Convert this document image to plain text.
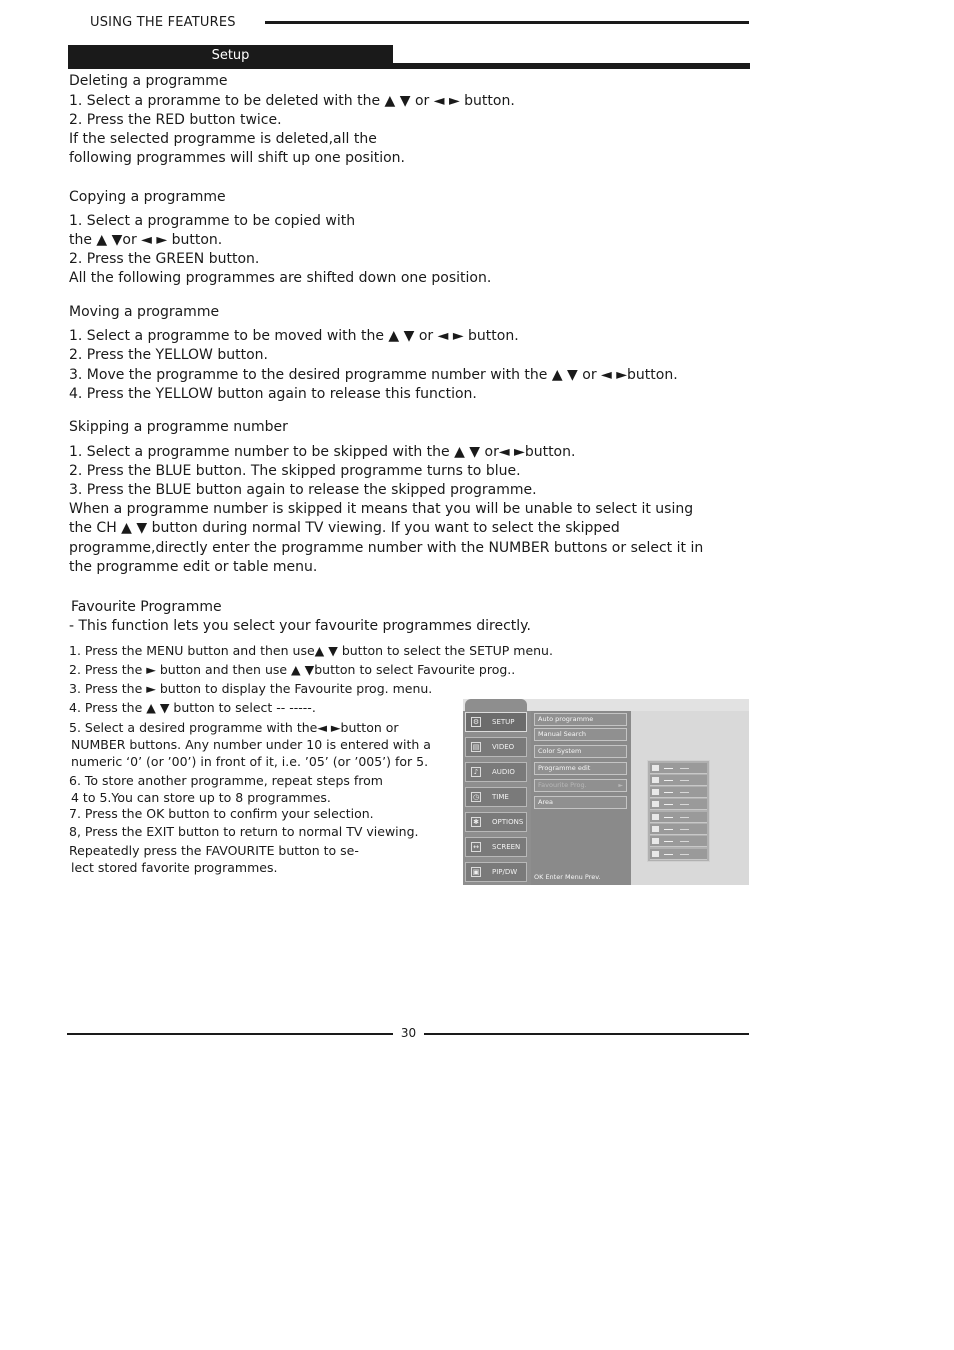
USING THE FEATURES
Setup
Deleting a programme
1. Select a proramme to be deleted with the ▲ ▼ or ◄ ► button.
2. Press the RED button twice.
If the selected programme is deleted,all the
following programmes will shift up one position.
Copying a programme
1. Select a programme to be copied with
the ▲ ▼or ◄ ► button.
2. Press the GREEN button.
All the following programmes are shifted down one position.
Moving a programme
1. Select a programme to be moved with the ▲ ▼ or ◄ ► button.
2. Press the YELLOW button.
3. Move the programme to the desired programme number with the ▲ ▼ or ◄ ►button.
4. Press the YELLOW button again to release this function.
Skipping a programme number
1. Select a programme number to be skipped with the ▲ ▼ or◄ ►button.
2. Press the BLUE button. The skipped programme turns to blue.
3. Press the BLUE button again to release the skipped programme.
When a programme number is skipped it means that you will be unable to select it using
the CH ▲ ▼ button during normal TV viewing. If you want to select the skipped
programme,directly enter the programme number with the NUMBER buttons or select it in
the programme edit or table menu.
Favourite Programme
- This function lets you select your favourite programmes directly.
1. Press the MENU button and then use▲ ▼ button to select the SETUP menu.
2. Press the ► button and then use ▲ ▼button to select Favourite prog..
3. Press the ► button to display the Favourite prog. menu.
4. Press the ▲ ▼ button to select -- -----.
5. Select a desired programme with the◄ ►button or
NUMBER buttons. Any number under 10 is entered with a
numeric ‘0’ (or ’00’) in front of it, i.e. ’05’ (or ’005’) for 5.
6. To store another programme, repeat steps from
4 to 5.You can store up to 8 programmes.
7. Press the OK button to confirm your selection.
8, Press the EXIT button to return to normal TV viewing.
Repeatedly press the FAVOURITE button to se-
lect stored favorite programmes.
⚙ SETUP
▤ VIDEO
♪	AUDIO
◷ TIME
✱ OPTIONS
↔ SCREEN
▣ PIP/DW
Auto programme
Manual Search
Color System
Programme edit
Favourite Prog.	►
Area
OK Enter Menu Prev.
30
